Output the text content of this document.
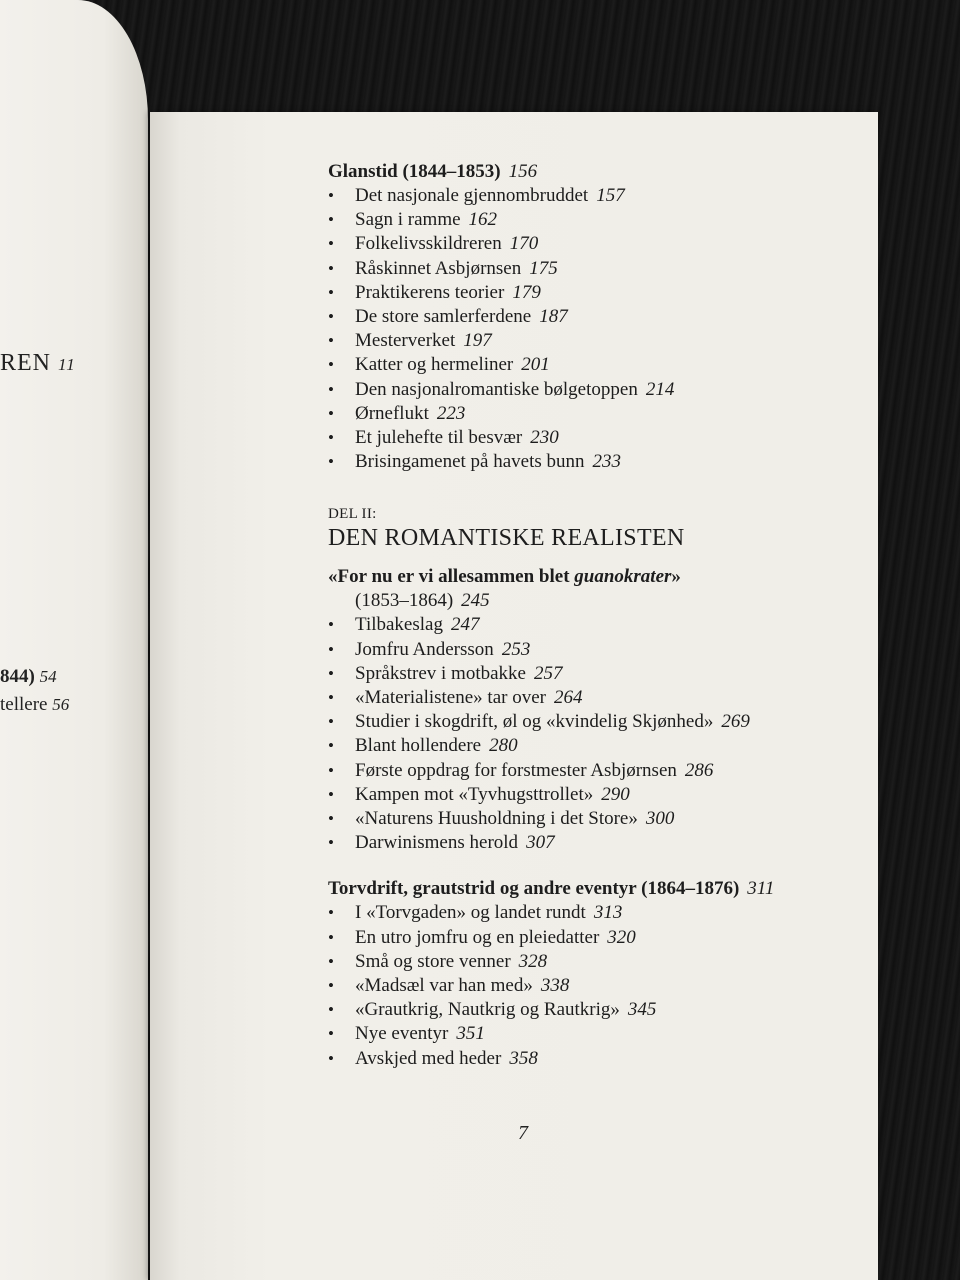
REN 11
844) 54
tellere 56
Glanstid (1844–1853) 156
• Det nasjonale gjennombruddet 157
• Sagn i ramme 162
• Folkelivsskildreren 170
• Råskinnet Asbjørnsen 175
• Praktikerens teorier 179
• De store samlerferdene 187
• Mesterverket 197
• Katter og hermeliner 201
• Den nasjonalromantiske bølgetoppen 214
• Ørneflukt 223
• Et julehefte til besvær 230
• Brisingamenet på havets bunn 233
DEL II:
DEN ROMANTISKE REALISTEN
«For nu er vi allesammen blet guanokrater»
(1853–1864) 245
• Tilbakeslag 247
• Jomfru Andersson 253
• Språkstrev i motbakke 257
• «Materialistene» tar over 264
• Studier i skogdrift, øl og «kvindelig Skjønhed» 269
• Blant hollendere 280
• Første oppdrag for forstmester Asbjørnsen 286
• Kampen mot «Tyvhugsttrollet» 290
• «Naturens Huusholdning i det Store» 300
• Darwinismens herold 307
Torvdrift, grautstrid og andre eventyr (1864–1876) 311
• I «Torvgaden» og landet rundt 313
• En utro jomfru og en pleiedatter 320
• Små og store venner 328
• «Madsæl var han med» 338
• «Grautkrig, Nautkrig og Rautkrig» 345
• Nye eventyr 351
• Avskjed med heder 358
7
